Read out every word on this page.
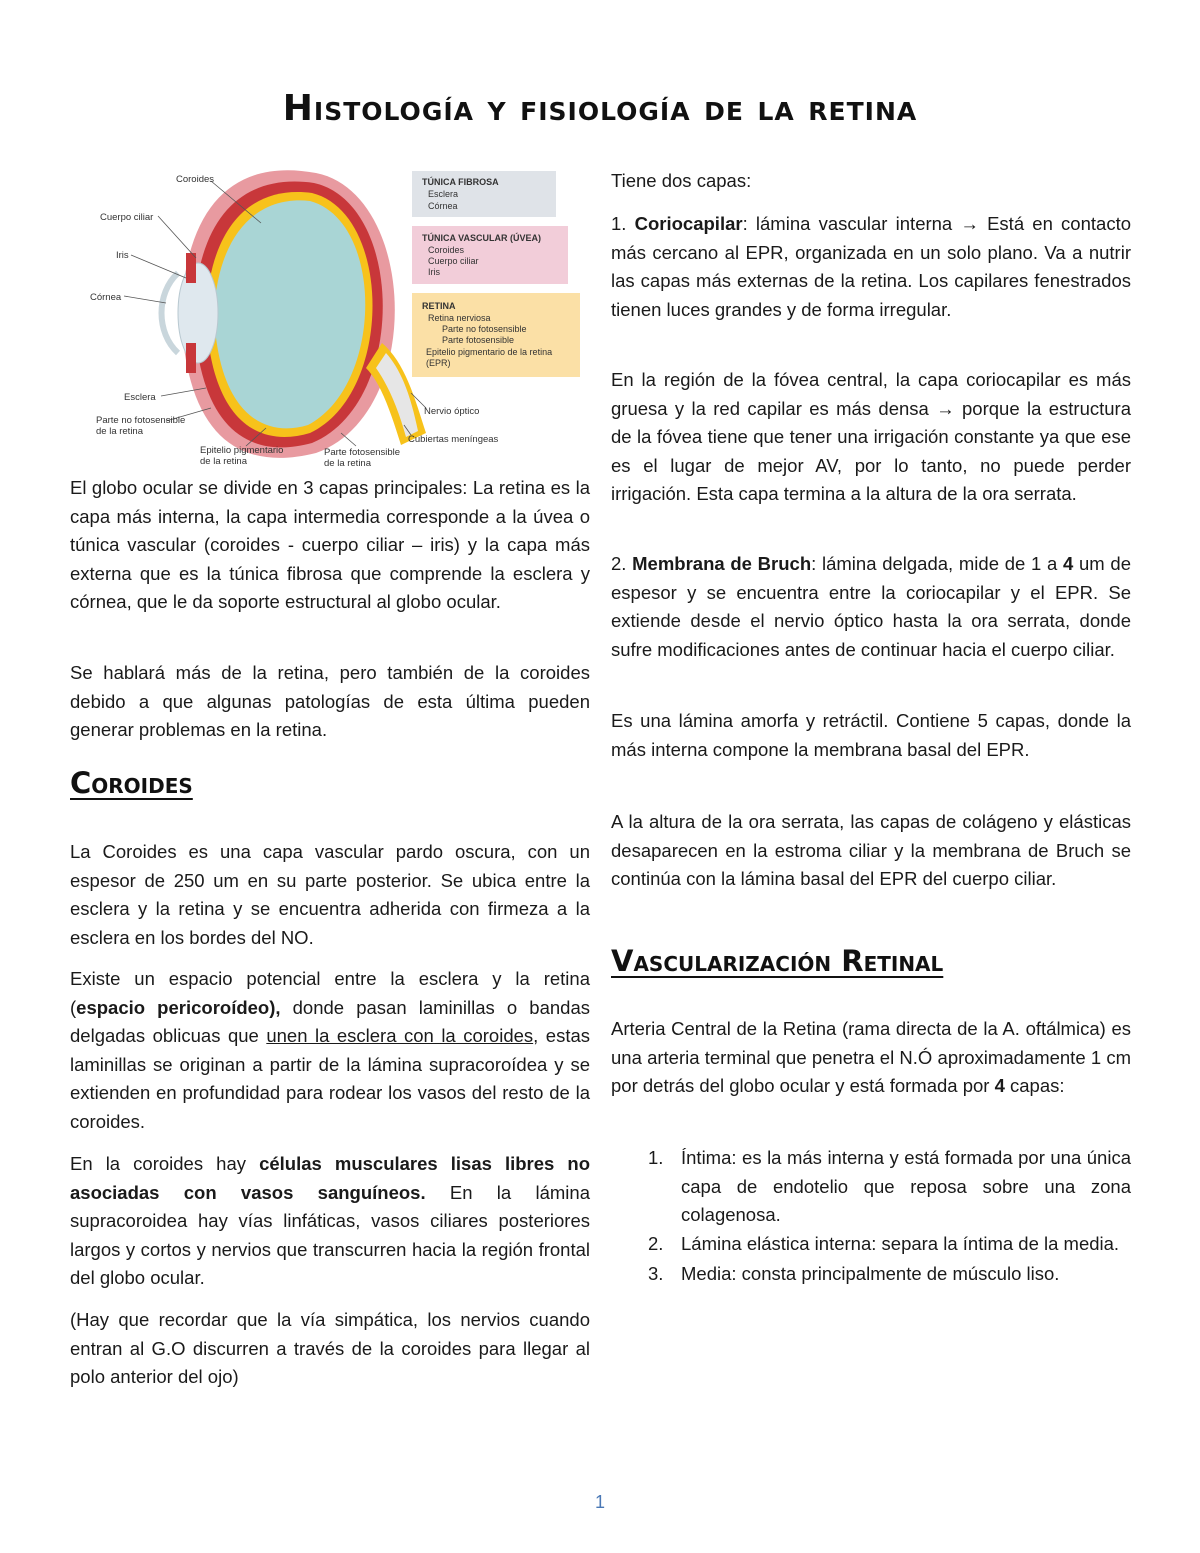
Histología y fisiología de la retina
Coroides
Cuerpo ciliar
Iris
Córnea
Esclera
Parte no fotosensible
de la retina
Epitelio pigmentario
de la retina
Parte fotosensible
de la retina
Nervio óptico
Cubiertas meníngeas
TÚNICA FIBROSA
Esclera
Córnea
TÚNICA VASCULAR (ÚVEA)
Coroides
Cuerpo ciliar
Iris
RETINA
Retina nerviosa
Parte no fotosensible
Parte fotosensible
Epitelio pigmentario de la retina
(EPR)

El globo ocular se divide en 3 capas principales: La retina es la capa más interna, la capa intermedia corresponde a la úvea o túnica vascular (coroides - cuerpo ciliar – iris) y la capa más externa que es la túnica fibrosa que comprende la esclera y córnea, que le da soporte estructural al globo ocular.

Se hablará más de la retina, pero también de la coroides debido a que algunas patologías de esta última pueden generar problemas en la retina.

Coroides

La Coroides es una capa vascular pardo oscura, con un espesor de 250 um en su parte posterior. Se ubica entre la esclera y la retina y se encuentra adherida con firmeza a la esclera en los bordes del NO.

Existe un espacio potencial entre la esclera y la retina (espacio pericoroídeo), donde pasan laminillas o bandas delgadas oblicuas que unen la esclera con la coroides, estas laminillas se originan a partir de la lámina supracoroídea y se extienden en profundidad para rodear los vasos del resto de la coroides.

En la coroides hay células musculares lisas libres no asociadas con vasos sanguíneos. En la lámina supracoroidea hay vías linfáticas, vasos ciliares posteriores largos y cortos y nervios que transcurren hacia la región frontal del globo ocular.

(Hay que recordar que la vía simpática, los nervios cuando entran al G.O discurren a través de la coroides para llegar al polo anterior del ojo)

Tiene dos capas:

1. Coriocapilar: lámina vascular interna → Está en contacto más cercano al EPR, organizada en un solo plano. Va a nutrir las capas más externas de la retina. Los capilares fenestrados tienen luces grandes y de forma irregular.

En la región de la fóvea central, la capa coriocapilar es más gruesa y la red capilar es más densa → porque la estructura de la fóvea tiene que tener una irrigación constante ya que ese es el lugar de mejor AV, por lo tanto, no puede perder irrigación. Esta capa termina a la altura de la ora serrata.

2. Membrana de Bruch: lámina delgada, mide de 1 a 4 um de espesor y se encuentra entre la coriocapilar y el EPR. Se extiende desde el nervio óptico hasta la ora serrata, donde sufre modificaciones antes de continuar hacia el cuerpo ciliar.

Es una lámina amorfa y retráctil. Contiene 5 capas, donde la más interna compone la membrana basal del EPR.

A la altura de la ora serrata, las capas de colágeno y elásticas desaparecen en la estroma ciliar y la membrana de Bruch se continúa con la lámina basal del EPR del cuerpo ciliar.

Vascularización Retinal

Arteria Central de la Retina (rama directa de la A. oftálmica) es una arteria terminal que penetra el N.Ó aproximadamente 1 cm por detrás del globo ocular y está formada por 4 capas:

1. Íntima: es la más interna y está formada por una única capa de endotelio que reposa sobre una zona colagenosa.
2. Lámina elástica interna: separa la íntima de la media.
3. Media: consta principalmente de músculo liso.
1
